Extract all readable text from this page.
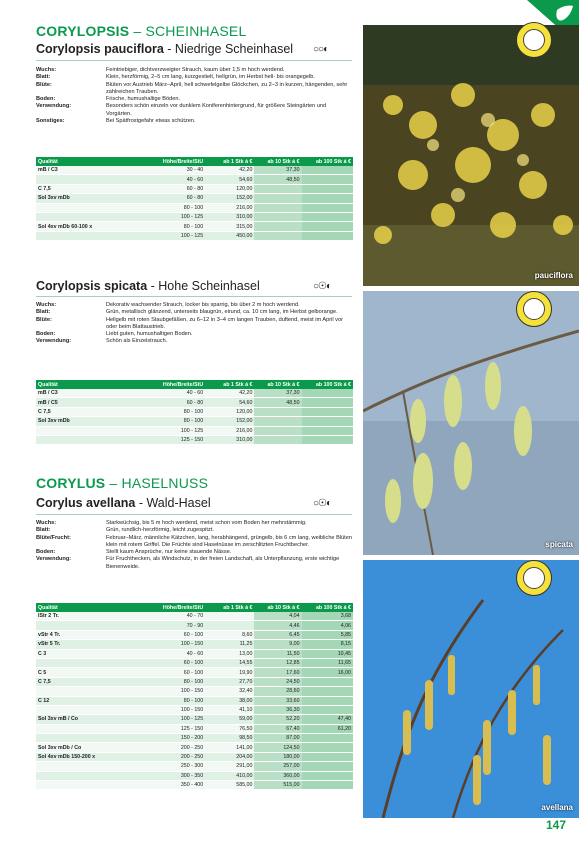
CORYLOPSIS – SCHEINHASEL
Corylopsis pauciflora - Niedrige Scheinhasel ○○◐
Wuchs:	Feintriebiger, dichtverzweigter Strauch, kaum über 1,5 m hoch werdend.
Blatt:	Klein, herzförmig, 2–5 cm lang, kurzgestielt, hellgrün, im Herbst hell- bis orangegelb.
Blüte:	Blüten vor Austrieb März–April, hell schwefelgelbe Glöckchen, zu 2–3 in kurzen, hängenden, sehr zahlreichen Trauben.
Boden:	Frische, humushaltige Böden.
Verwendung:	Besonders schön einzeln vor dunklem Koniferenhintergrund, für größere Steingärten und Vorgärten.
Sonstiges:	Bei Spätfrostgefahr etwas schützen.
Qualität	Höhe/Breite/StU	ab 1 Stk á €	ab 10 Stk á €	ab 100 Stk á €
mB / C3	30 - 40	42,20	37,30	
	40 - 60	54,60	48,50	
C 7,5	60 - 80	120,00		
Sol 3xv mDb	60 - 80	152,00		
	80 - 100	216,00		
	100 - 125	310,00		
Sol 4xv mDb 60-100 x	80 - 100	315,00		
	100 - 125	450,00		
Corylopsis spicata - Hohe Scheinhasel	○☉◐
Wuchs:	Dekorativ wachsender Strauch, locker bis sparrig, bis über 2 m hoch werdend.
Blatt:	Grün, metallisch glänzend, unterseits blaugrün, eirund, ca. 10 cm lang, im Herbst gelborange.
Blüte:	Hellgelb mit roten Staubgefäßen, zu 6–12 in 3–4 cm langen Trauben, duftend, meist im April vor oder beim Blattaustrieb.
Boden:	Liebt guten, humushaltigen Boden.
Verwendung:	Schön als Einzelstrauch.
Qualität	Höhe/Breite/StU	ab 1 Stk á €	ab 10 Stk á €	ab 100 Stk á €
mB / C3	40 - 60	42,20	37,30	
mB / C5	60 - 80	54,60	48,50	
C 7,5	80 - 100	120,00		
Sol 3xv mDb	80 - 100	152,00		
	100 - 125	216,00		
	125 - 150	310,00		
CORYLUS – HASELNUSS
Corylus avellana - Wald-Hasel	○☉◐
Wuchs:	Starkwüchsig, bis 5 m hoch werdend, meist schon vom Boden her mehrstämmig.
Blatt:	Grün, rundlich-herzförmig, leicht zugespitzt.
Blüte/Frucht:	Februar–März, männliche Kätzchen, lang, herabhängend, grüngelb, bis 6 cm lang, weibliche Blüten klein mit rotem Griffel. Die Früchte sind Haselnüsse im zerschlitzten Fruchtbecher.
Boden:	Stellt kaum Ansprüche, nur keine stauende Nässe.
Verwendung:	Für Fruchthecken, als Windschutz, in der freien Landschaft, als Unterpflanzung, erste wichtige Bienenweide.
Qualität	Höhe/Breite/StU	ab 1 Stk á €	ab 10 Stk á €	ab 100 Stk á €
lStr 2 Tr.	40 - 70		4,04	3,68
	70 - 90		4,46	4,06
vStr 4 Tr.	60 - 100	8,60	6,45	5,85
vStr 5 Tr.	100 - 150	11,25	9,00	8,15
C 3	40 - 60	13,00	11,50	10,45
	60 - 100	14,55	12,85	11,65
C 5	60 - 100	19,90	17,60	16,00
C 7,5	80 - 100	27,70	24,50	
	100 - 150	32,40	28,60	
C 12	80 - 100	38,00	33,60	
	100 - 150	41,10	36,30	
Sol 3xv mB / Co	100 - 125	59,00	52,20	47,40
	125 - 150	76,50	67,40	61,20
	150 - 200	98,50	87,00	
Sol 3xv mDb / Co	200 - 250	141,00	124,50	
Sol 4xv mDb 150-200 x	200 - 250	204,00	180,00	
	250 - 300	291,00	257,00	
	300 - 350	410,00	360,00	
	350 - 400	585,00	515,00	
pauciflora
spicata
avellana
147
